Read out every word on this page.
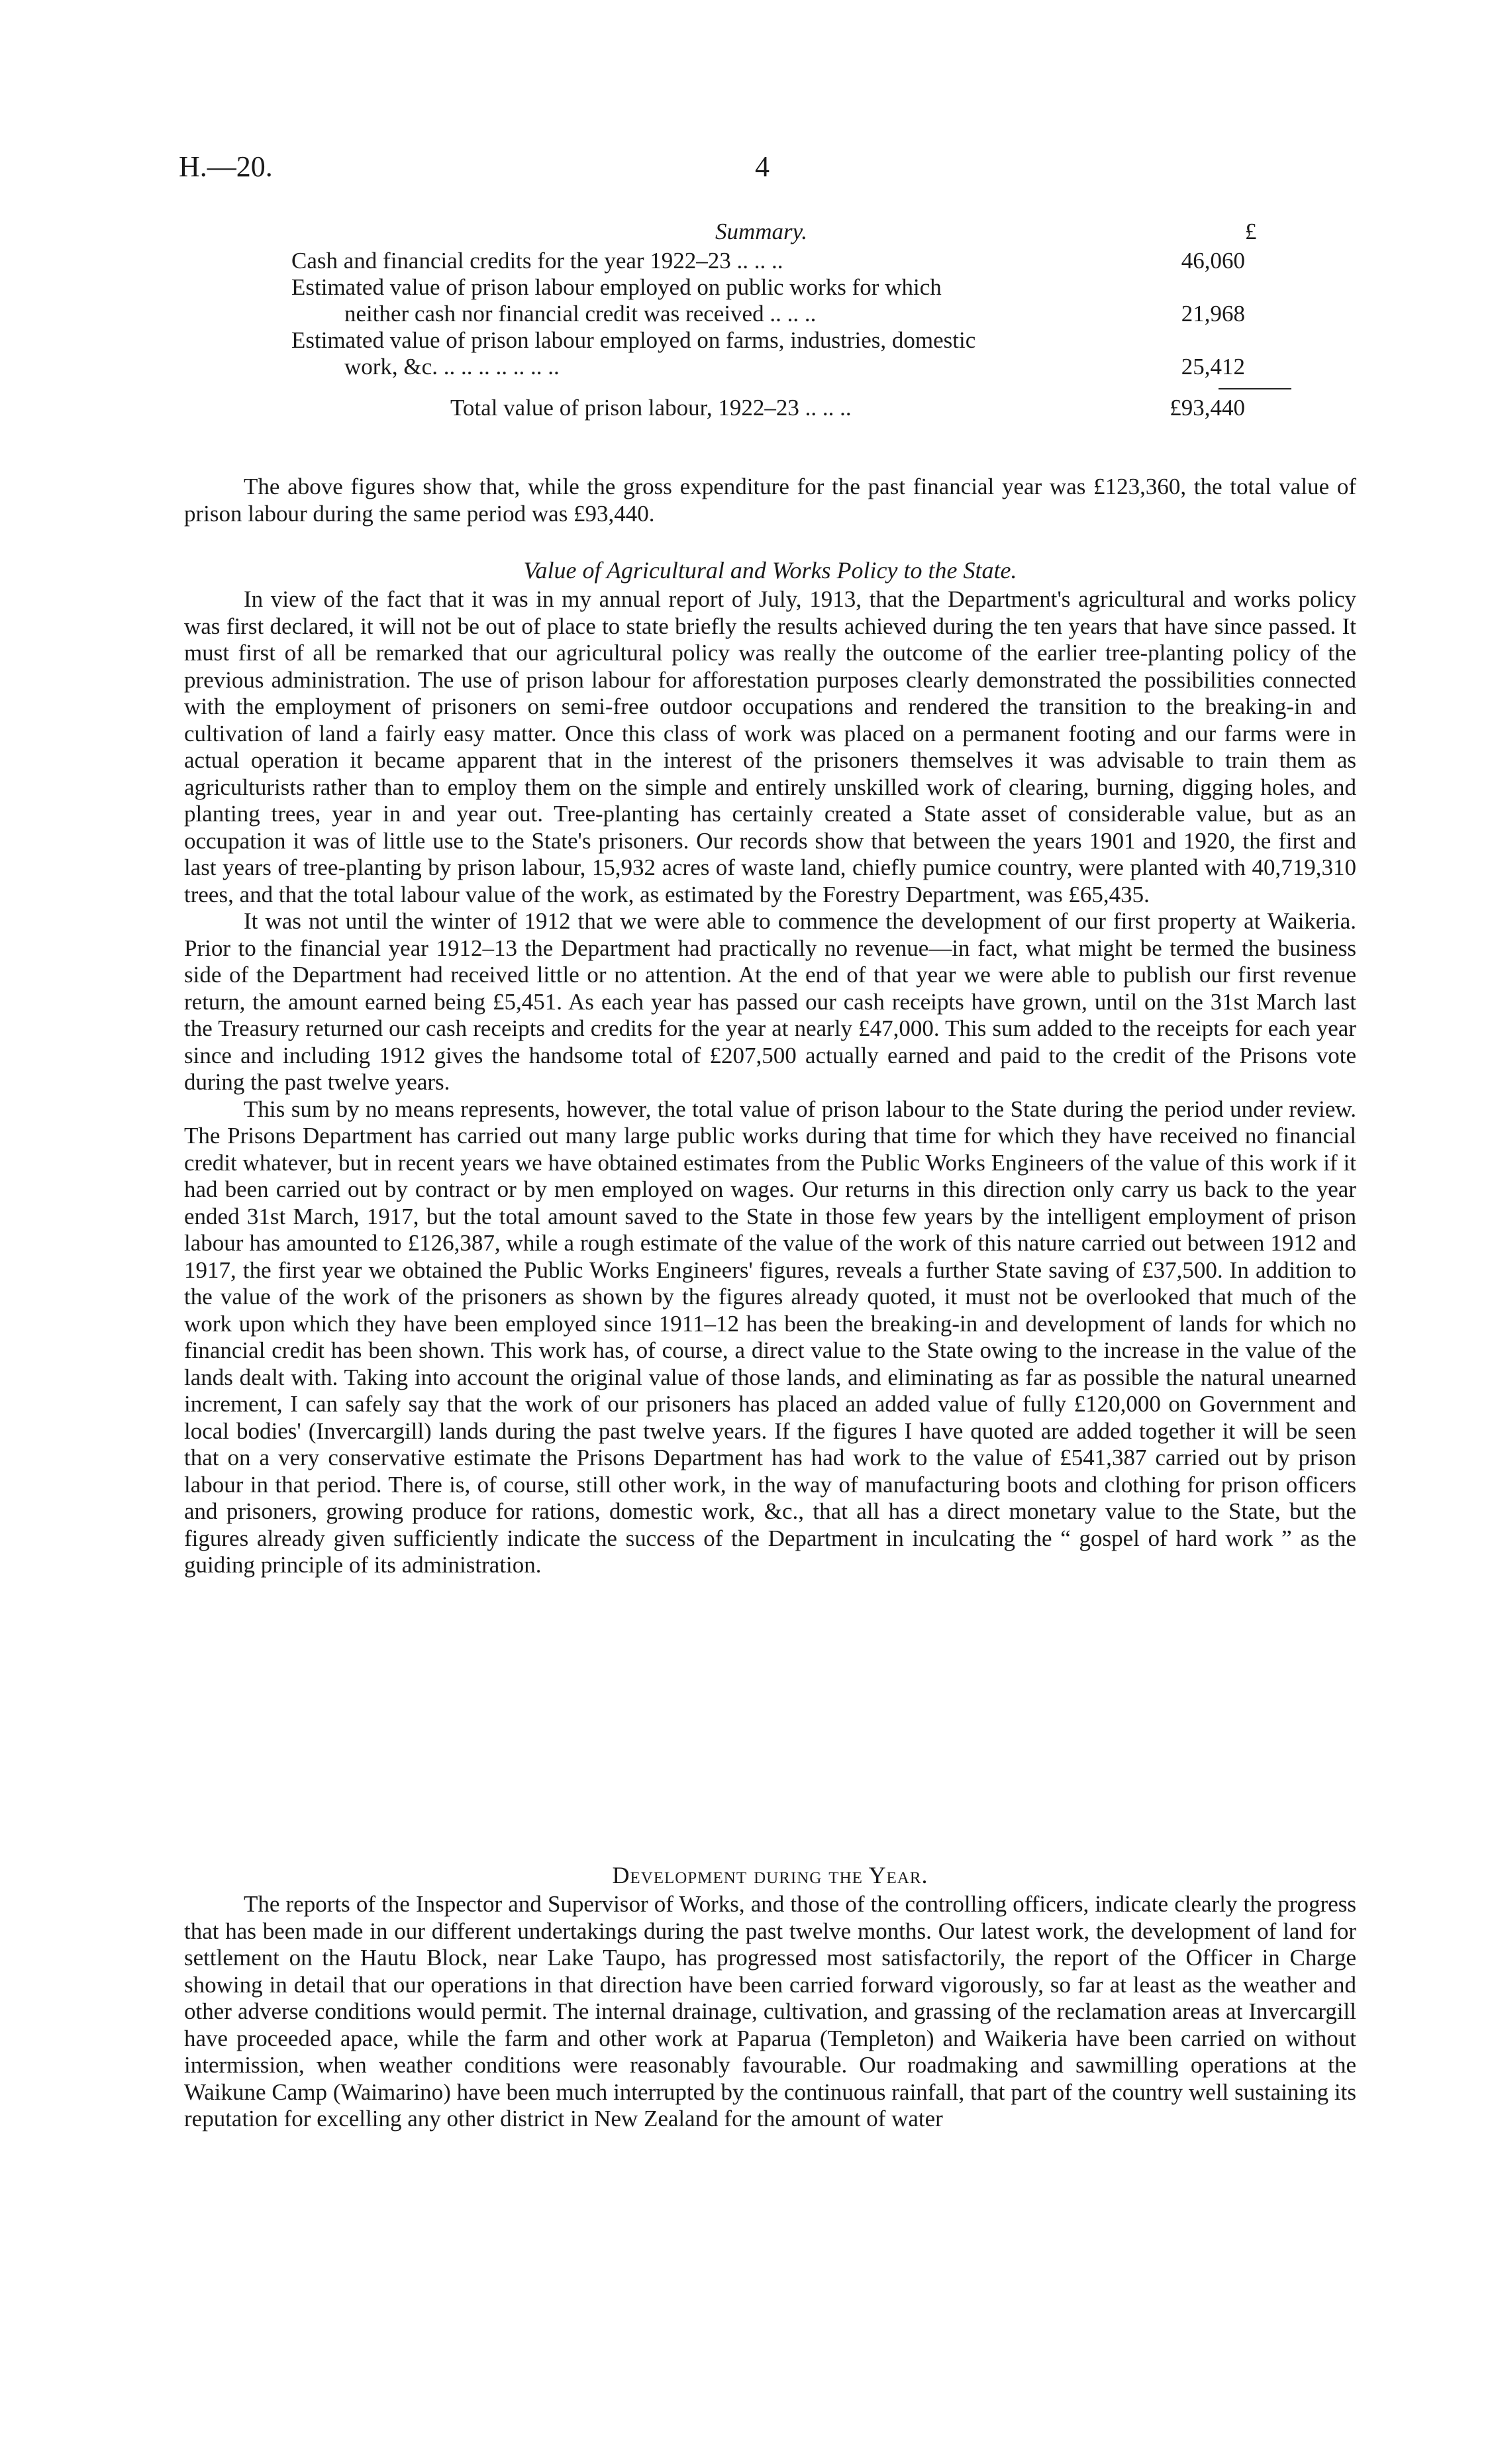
H.—20.	4
Summary.	£
Cash and financial credits for the year 1922–23 .. .. ..	46,060
Estimated value of prison labour employed on public works for which
neither cash nor financial credit was received .. .. ..	21,968
Estimated value of prison labour employed on farms, industries, domestic
work, &c. .. .. .. .. .. .. ..	25,412
Total value of prison labour, 1922–23 .. .. ..	£93,440

The above figures show that, while the gross expenditure for the past financial year was £123,360, the total value of prison labour during the same period was £93,440.

Value of Agricultural and Works Policy to the State.

In view of the fact that it was in my annual report of July, 1913, that the Department's agricultural and works policy was first declared, it will not be out of place to state briefly the results achieved during the ten years that have since passed. It must first of all be remarked that our agricultural policy was really the outcome of the earlier tree-planting policy of the previous administration. The use of prison labour for afforestation purposes clearly demonstrated the possibilities connected with the employment of prisoners on semi-free outdoor occupations and rendered the transition to the breaking-in and cultivation of land a fairly easy matter. Once this class of work was placed on a permanent footing and our farms were in actual operation it became apparent that in the interest of the prisoners themselves it was advisable to train them as agriculturists rather than to employ them on the simple and entirely unskilled work of clearing, burning, digging holes, and planting trees, year in and year out. Tree-planting has certainly created a State asset of considerable value, but as an occupation it was of little use to the State's prisoners. Our records show that between the years 1901 and 1920, the first and last years of tree-planting by prison labour, 15,932 acres of waste land, chiefly pumice country, were planted with 40,719,310 trees, and that the total labour value of the work, as estimated by the Forestry Department, was £65,435.

It was not until the winter of 1912 that we were able to commence the development of our first property at Waikeria. Prior to the financial year 1912–13 the Department had practically no revenue—in fact, what might be termed the business side of the Department had received little or no attention. At the end of that year we were able to publish our first revenue return, the amount earned being £5,451. As each year has passed our cash receipts have grown, until on the 31st March last the Treasury returned our cash receipts and credits for the year at nearly £47,000. This sum added to the receipts for each year since and including 1912 gives the handsome total of £207,500 actually earned and paid to the credit of the Prisons vote during the past twelve years.

This sum by no means represents, however, the total value of prison labour to the State during the period under review. The Prisons Department has carried out many large public works during that time for which they have received no financial credit whatever, but in recent years we have obtained estimates from the Public Works Engineers of the value of this work if it had been carried out by contract or by men employed on wages. Our returns in this direction only carry us back to the year ended 31st March, 1917, but the total amount saved to the State in those few years by the intelligent employment of prison labour has amounted to £126,387, while a rough estimate of the value of the work of this nature carried out between 1912 and 1917, the first year we obtained the Public Works Engineers' figures, reveals a further State saving of £37,500. In addition to the value of the work of the prisoners as shown by the figures already quoted, it must not be overlooked that much of the work upon which they have been employed since 1911–12 has been the breaking-in and development of lands for which no financial credit has been shown. This work has, of course, a direct value to the State owing to the increase in the value of the lands dealt with. Taking into account the original value of those lands, and eliminating as far as possible the natural unearned increment, I can safely say that the work of our prisoners has placed an added value of fully £120,000 on Government and local bodies' (Invercargill) lands during the past twelve years. If the figures I have quoted are added together it will be seen that on a very conservative estimate the Prisons Department has had work to the value of £541,387 carried out by prison labour in that period. There is, of course, still other work, in the way of manufacturing boots and clothing for prison officers and prisoners, growing produce for rations, domestic work, &c., that all has a direct monetary value to the State, but the figures already given sufficiently indicate the success of the Department in inculcating the “ gospel of hard work ” as the guiding principle of its administration.

Development during the Year.

The reports of the Inspector and Supervisor of Works, and those of the controlling officers, indicate clearly the progress that has been made in our different undertakings during the past twelve months. Our latest work, the development of land for settlement on the Hautu Block, near Lake Taupo, has progressed most satisfactorily, the report of the Officer in Charge showing in detail that our operations in that direction have been carried forward vigorously, so far at least as the weather and other adverse conditions would permit. The internal drainage, cultivation, and grassing of the reclamation areas at Invercargill have proceeded apace, while the farm and other work at Paparua (Templeton) and Waikeria have been carried on without intermission, when weather conditions were reasonably favourable. Our roadmaking and sawmilling operations at the Waikune Camp (Waimarino) have been much interrupted by the continuous rainfall, that part of the country well sustaining its reputation for excelling any other district in New Zealand for the amount of water
